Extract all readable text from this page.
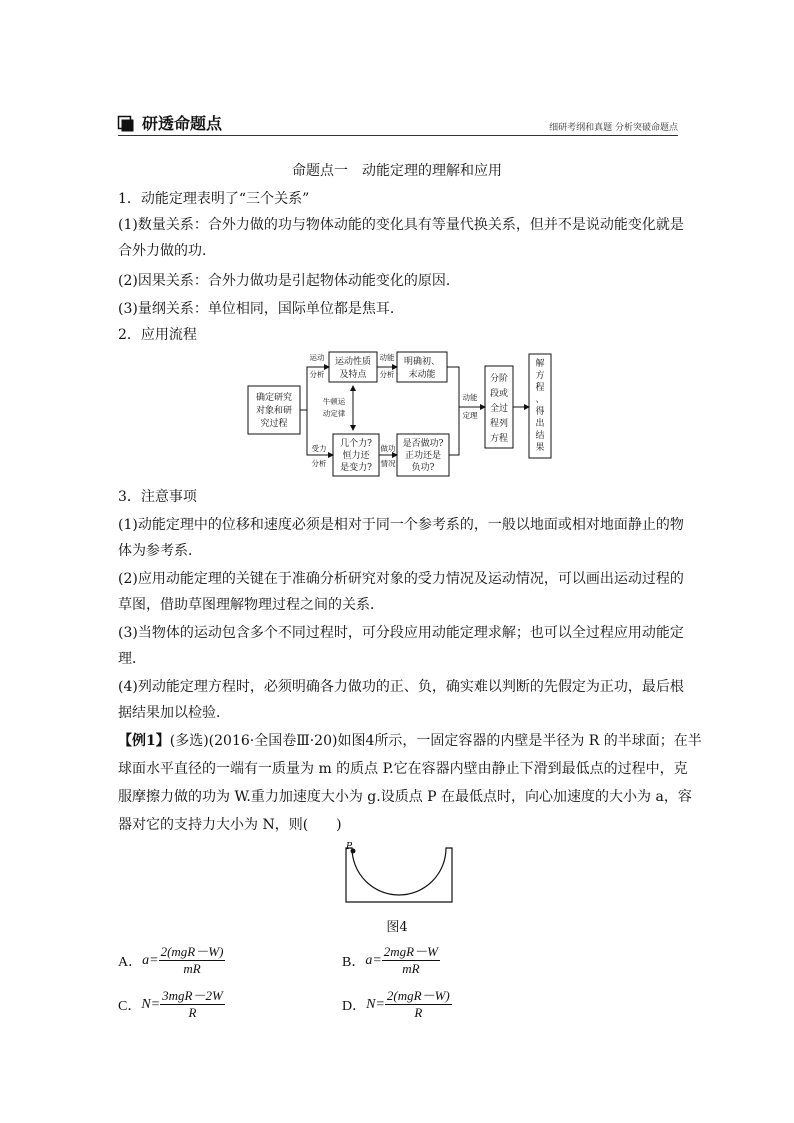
研透命题点	细研考纲和真题 分析突破命题点
命题点一　动能定理的理解和应用
1．动能定理表明了“三个关系”
(1)数量关系：合外力做的功与物体动能的变化具有等量代换关系，但并不是说动能变化就是
合外力做的功．
(2)因果关系：合外力做功是引起物体动能变化的原因．
(3)量纲关系：单位相同，国际单位都是焦耳．
2．应用流程
确定研究
对象和研
究过程
运动性质
及特点
明确初、
末动能
几个力?
恒力还
是变力?
是否做功?
正功还是
负功?
分阶
段或
全过
程列
方程
解
方
程
、
得
出
结
果
运动
分析
动能
分析
受力
分析
做功
情况
牛顿运
动定律
动能
定理
3．注意事项
(1)动能定理中的位移和速度必须是相对于同一个参考系的，一般以地面或相对地面静止的物
体为参考系．
(2)应用动能定理的关键在于准确分析研究对象的受力情况及运动情况，可以画出运动过程的
草图，借助草图理解物理过程之间的关系．
(3)当物体的运动包含多个不同过程时，可分段应用动能定理求解；也可以全过程应用动能定
理．
(4)列动能定理方程时，必须明确各力做功的正、负，确实难以判断的先假定为正功，最后根
据结果加以检验．
【例1】(多选)(2016·全国卷Ⅲ·20)如图4所示，一固定容器的内壁是半径为 R 的半球面；在半
球面水平直径的一端有一质量为 m 的质点 P.它在容器内壁由静止下滑到最低点的过程中，克
服摩擦力做的功为 W.重力加速度大小为 g.设质点 P 在最低点时，向心加速度的大小为 a，容
器对它的支持力大小为 N，则(　　)
P
图4
A．$a= \frac{\text{2(mgR－W)}}{mR}$	B．$a= \frac{\text{2mgR－W}}{mR}$
C．$N= \frac{\text{3mgR－2W}}{R}$	D．$N= \frac{\text{2(mgR－W)}}{R}$
